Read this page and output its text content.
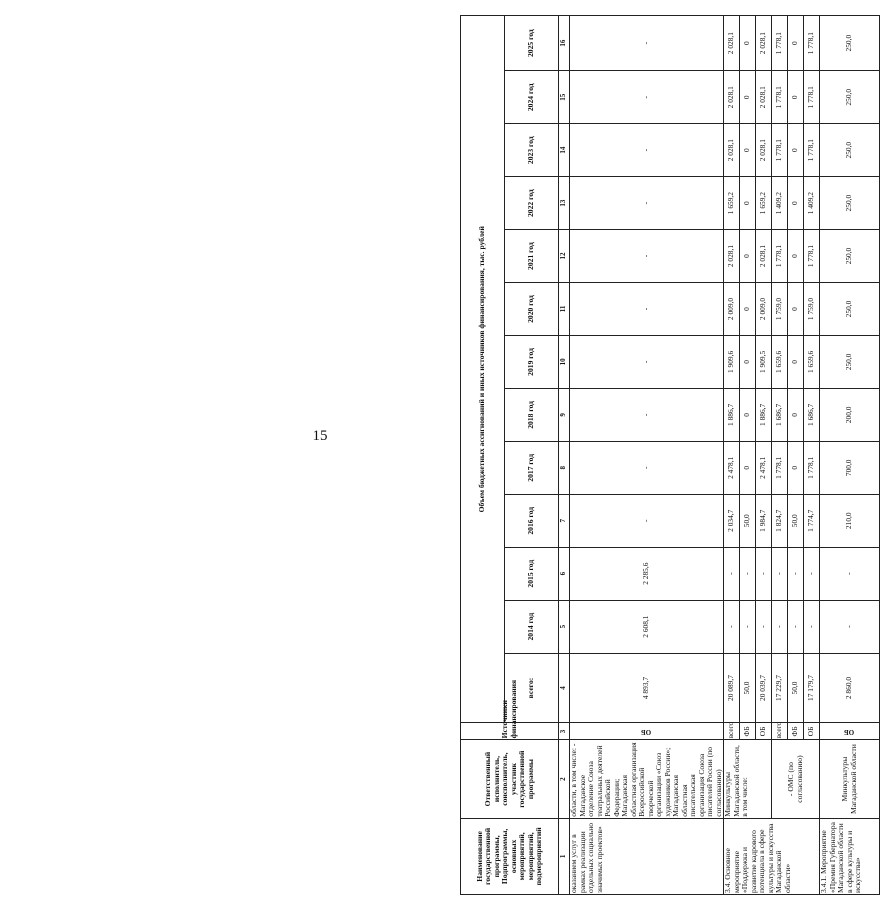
15
Наименование государственной программы, Подпрограммы, основных мероприятий, мероприятий, подмероприятий	Ответственный исполнитель, соисполнитель, участник государственной программы	Источники финансирования	Объем бюджетных ассигнований и иных источников финансирования, тыс. рублей												
			всего:	2014 год	2015 год	2016 год	2017 год	2018 год	2019 год	2020 год	2021 год	2022 год	2023 год	2024 год	2025 год
1	2	3	4	5	6	7	8	9	10	11	12	13	14	15	16
оказанием услуг в рамках реализации отдельных социально значимых проектов»	области, в том числе: - Магаданское отделение Союза театральных деятелей Российской Федерации; Магаданская областная организация Всероссийской творческой организации «Союз художников России»; Магаданская областная писательская организация Союза писателей России (по согласованию)	ОБ	4 893,7	2 608,1	2 285,6	-	-	-	-	-	-	-	-	-	-
3.4. Основное мероприятие «Поддержка и развитие кадрового потенциала в сфере культуры и искусства Магаданской области»	Минкультуры Магаданской области, в том числе:	всего	20 089,7	-	-	2 034,7	2 478,1	1 886,7	1 909,6	2 009,0	2 028,1	1 659,2	2 028,1	2 028,1	2 028,1
		ФБ	50,0	-	-	50,0	0	0	0	0	0	0	0	0	0
		ОБ	20 039,7	-	-	1 984,7	2 478,1	1 886,7	1 909,5	2 009,0	2 028,1	1 659,2	2 028,1	2 028,1	2 028,1
	- ОМС (по согласованию)	всего	17 229,7	-	-	1 824,7	1 778,1	1 686,7	1 659,6	1 759,0	1 778,1	1 409,2	1 778,1	1 778,1	1 778,1
		ФБ	50,0	-	-	50,0	0	0	0	0	0	0	0	0	0
		ОБ	17 179,7	-	-	1 774,7	1 778,1	1 686,7	1 659,6	1 759,0	1 778,1	1 409,2	1 778,1	1 778,1	1 778,1
3.4.1. Мероприятие «Премия Губернатора Магаданской области в сфере культуры и искусства»	Минкультуры Магаданской области	ОБ	2 860,0	-	-	210,0	700,0	200,0	250,0	250,0	250,0	250,0	250,0	250,0	250,0
